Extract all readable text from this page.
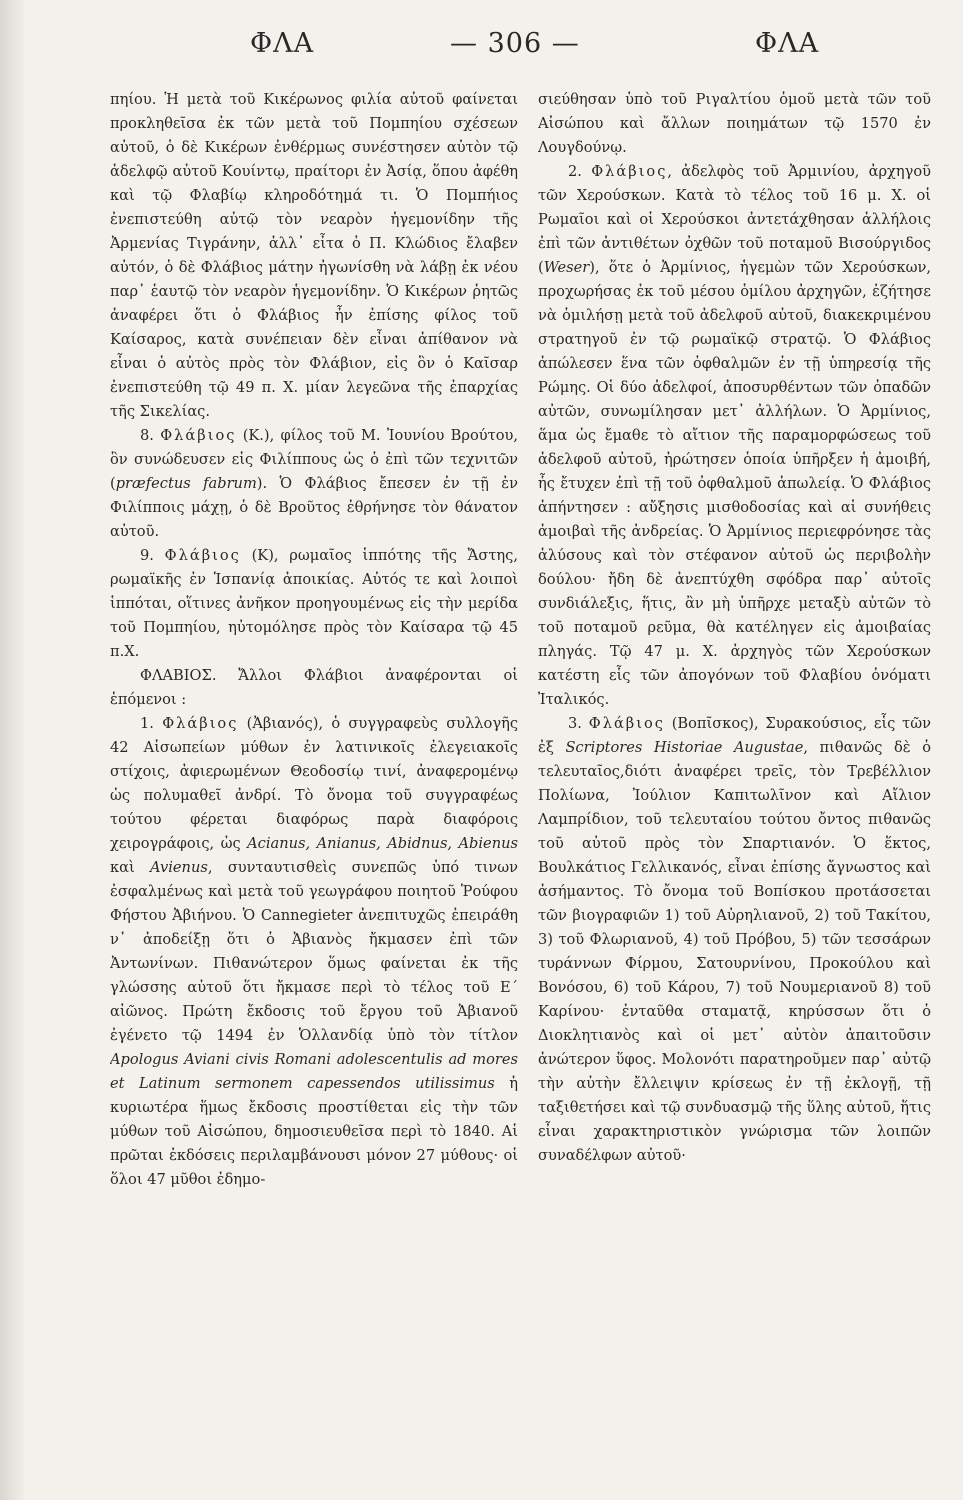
ΦΛΑ	— 306 —	ΦΛΑ

πηίου. Ἡ μετὰ τοῦ Κικέρωνος φιλία αὐτοῦ φαίνεται προκληθεῖσα ἐκ τῶν μετὰ τοῦ Πομπηίου σχέσεων αὐτοῦ, ὁ δὲ Κικέρων ἐνθέρμως συνέστησεν αὐτὸν τῷ ἀδελφῷ αὐτοῦ Κουίντῳ, πραίτορι ἐν Ἀσίᾳ, ὅπου ἀφέθη καὶ τῷ Φλαβίῳ κληροδότημά τι. Ὁ Πομπήιος ἐνεπιστεύθη αὐτῷ τὸν νεαρὸν ἡγεμονίδην τῆς Ἀρμενίας Τιγράνην, ἀλλ᾽ εἶτα ὁ Π. Κλώδιος ἔλαβεν αὐτόν, ὁ δὲ Φλάβιος μάτην ἠγωνίσθη νὰ λάβῃ ἐκ νέου παρ᾽ ἑαυτῷ τὸν νεαρὸν ἡγεμονίδην. Ὁ Κικέρων ῥητῶς ἀναφέρει ὅτι ὁ Φλάβιος ἦν ἐπίσης φίλος τοῦ Καίσαρος, κατὰ συνέπειαν δὲν εἶναι ἀπίθανον νὰ εἶναι ὁ αὐτὸς πρὸς τὸν Φλάβιον, εἰς ὃν ὁ Καῖσαρ ἐνεπιστεύθη τῷ 49 π. Χ. μίαν λεγεῶνα τῆς ἐπαρχίας τῆς Σικελίας.

8. Φλάβιος (Κ.), φίλος τοῦ Μ. Ἰουνίου Βρούτου, ὃν συνώδευσεν εἰς Φιλίππους ὡς ὁ ἐπὶ τῶν τεχνιτῶν (præfectus fabrum). Ὁ Φλάβιος ἔπεσεν ἐν τῇ ἐν Φιλίπποις μάχῃ, ὁ δὲ Βροῦτος ἐθρήνησε τὸν θάνατον αὐτοῦ.

9. Φλάβιος (Κ), ρωμαῖος ἱππότης τῆς Ἄστης, ρωμαϊκῆς ἐν Ἱσπανίᾳ ἀποικίας. Αὐτός τε καὶ λοιποὶ ἱππόται, οἵτινες ἀνῆκον προηγουμένως εἰς τὴν μερίδα τοῦ Πομπηίου, ηὐτομόλησε πρὸς τὸν Καίσαρα τῷ 45 π.Χ.

ΦΛΑΒΙΟΣ. Ἄλλοι Φλάβιοι ἀναφέρονται οἱ ἑπόμενοι :

1. Φλάβιος (Ἀβιανός), ὁ συγγραφεὺς συλλογῆς 42 Αἰσωπείων μύθων ἐν λατινικοῖς ἐλεγειακοῖς στίχοις, ἀφιερωμένων Θεοδοσίῳ τινί, ἀναφερομένῳ ὡς πολυμαθεῖ ἀνδρί. Τὸ ὄνομα τοῦ συγγραφέως τούτου φέρεται διαφόρως παρὰ διαφόροις χειρογράφοις, ὡς Acianus, Anianus, Abidnus, Abienus καὶ Avienus, συνταυτισθεὶς συνεπῶς ὑπό τινων ἐσφαλμένως καὶ μετὰ τοῦ γεωγράφου ποιητοῦ Ῥούφου Φήστου Ἀβιήνου. Ὁ Cannegieter ἀνεπιτυχῶς ἐπειράθη ν᾽ ἀποδείξῃ ὅτι ὁ Ἀβιανὸς ἤκμασεν ἐπὶ τῶν Ἀντωνίνων. Πιθανώτερον ὅμως φαίνεται ἐκ τῆς γλώσσης αὐτοῦ ὅτι ἤκμασε περὶ τὸ τέλος τοῦ Ε΄ αἰῶνος. Πρώτη ἔκδοσις τοῦ ἔργου τοῦ Ἀβιανοῦ ἐγένετο τῷ 1494 ἐν Ὁλλανδίᾳ ὑπὸ τὸν τίτλον Apologus Aviani civis Romani adolescentulis ad mores et Latinum sermonem capessendos utilissimus ἡ κυριωτέρα ἥμως ἔκδοσις προστίθεται εἰς τὴν τῶν μύθων τοῦ Αἰσώπου, δημοσιευθεῖσα περὶ τὸ 1840. Αἱ πρῶται ἐκδόσεις περιλαμβάνουσι μόνον 27 μύθους· οἱ ὅλοι 47 μῦθοι ἐδημο-

σιεύθησαν ὑπὸ τοῦ Ριγαλτίου ὁμοῦ μετὰ τῶν τοῦ Αἰσώπου καὶ ἄλλων ποιημάτων τῷ 1570 ἐν Λουγδούνῳ.

2. Φλάβιος, ἀδελφὸς τοῦ Ἀρμινίου, ἀρχηγοῦ τῶν Χερούσκων. Κατὰ τὸ τέλος τοῦ 16 μ. Χ. οἱ Ρωμαῖοι καὶ οἱ Χερούσκοι ἀντετάχθησαν ἀλλήλοις ἐπὶ τῶν ἀντιθέτων ὀχθῶν τοῦ ποταμοῦ Βισούργιδος (Weser), ὅτε ὁ Ἀρμίνιος, ἡγεμὼν τῶν Χερούσκων, προχωρήσας ἐκ τοῦ μέσου ὁμίλου ἀρχηγῶν, ἐζήτησε νὰ ὁμιλήσῃ μετὰ τοῦ ἀδελφοῦ αὐτοῦ, διακεκριμένου στρατηγοῦ ἐν τῷ ρωμαϊκῷ στρατῷ. Ὁ Φλάβιος ἀπώλεσεν ἕνα τῶν ὀφθαλμῶν ἐν τῇ ὑπηρεσίᾳ τῆς Ρώμης. Οἱ δύο ἀδελφοί, ἀποσυρθέντων τῶν ὀπαδῶν αὐτῶν, συνωμίλησαν μετ᾽ ἀλλήλων. Ὁ Ἀρμίνιος, ἅμα ὡς ἔμαθε τὸ αἴτιον τῆς παραμορφώσεως τοῦ ἀδελφοῦ αὐτοῦ, ἠρώτησεν ὁποία ὑπῆρξεν ἡ ἀμοιβή, ἧς ἔτυχεν ἐπὶ τῇ τοῦ ὀφθαλμοῦ ἀπωλείᾳ. Ὁ Φλάβιος ἀπήντησεν : αὔξησις μισθοδοσίας καὶ αἱ συνήθεις ἀμοιβαὶ τῆς ἀνδρείας. Ὁ Ἀρμίνιος περιεφρόνησε τὰς ἁλύσους καὶ τὸν στέφανον αὐτοῦ ὡς περιβολὴν δούλου· ἤδη δὲ ἀνεπτύχθη σφόδρα παρ᾽ αὐτοῖς συνδιάλεξις, ἥτις, ἂν μὴ ὑπῆρχε μεταξὺ αὐτῶν τὸ τοῦ ποταμοῦ ρεῦμα, θὰ κατέληγεν εἰς ἀμοιβαίας πληγάς. Τῷ 47 μ. Χ. ἀρχηγὸς τῶν Χερούσκων κατέστη εἷς τῶν ἀπογόνων τοῦ Φλαβίου ὀνόματι Ἰταλικός.

3. Φλάβιος (Βοπῖσκος), Συρακούσιος, εἷς τῶν ἐξ Scriptores Historiae Augustae, πιθανῶς δὲ ὁ τελευταῖος,διότι ἀναφέρει τρεῖς, τὸν Τρεβέλλιον Πολίωνα, Ἰούλιον Καπιτωλῖνον καὶ Αἴλιον Λαμπρίδιον, τοῦ τελευταίου τούτου ὄντος πιθανῶς τοῦ αὐτοῦ πρὸς τὸν Σπαρτιανόν. Ὁ ἕκτος, Βουλκάτιος Γελλικανός, εἶναι ἐπίσης ἄγνωστος καὶ ἀσήμαντος. Τὸ ὄνομα τοῦ Βοπίσκου προτάσσεται τῶν βιογραφιῶν 1) τοῦ Αὐρηλιανοῦ, 2) τοῦ Τακίτου, 3) τοῦ Φλωριανοῦ, 4) τοῦ Πρόβου, 5) τῶν τεσσάρων τυράννων Φίρμου, Σατουρνίνου, Προκούλου καὶ Βονόσου, 6) τοῦ Κάρου, 7) τοῦ Νουμεριανοῦ 8) τοῦ Καρίνου· ἐνταῦθα σταματᾷ, κηρύσσων ὅτι ὁ Διοκλητιανὸς καὶ οἱ μετ᾽ αὐτὸν ἀπαιτοῦσιν ἀνώτερον ὕφος. Μολονότι παρατηροῦμεν παρ᾽ αὐτῷ τὴν αὐτὴν ἔλλειψιν κρίσεως ἐν τῇ ἐκλογῇ, τῇ ταξιθετήσει καὶ τῷ συνδυασμῷ τῆς ὕλης αὐτοῦ, ἥτις εἶναι χαρακτηριστικὸν γνώρισμα τῶν λοιπῶν συναδέλφων αὐτοῦ·
